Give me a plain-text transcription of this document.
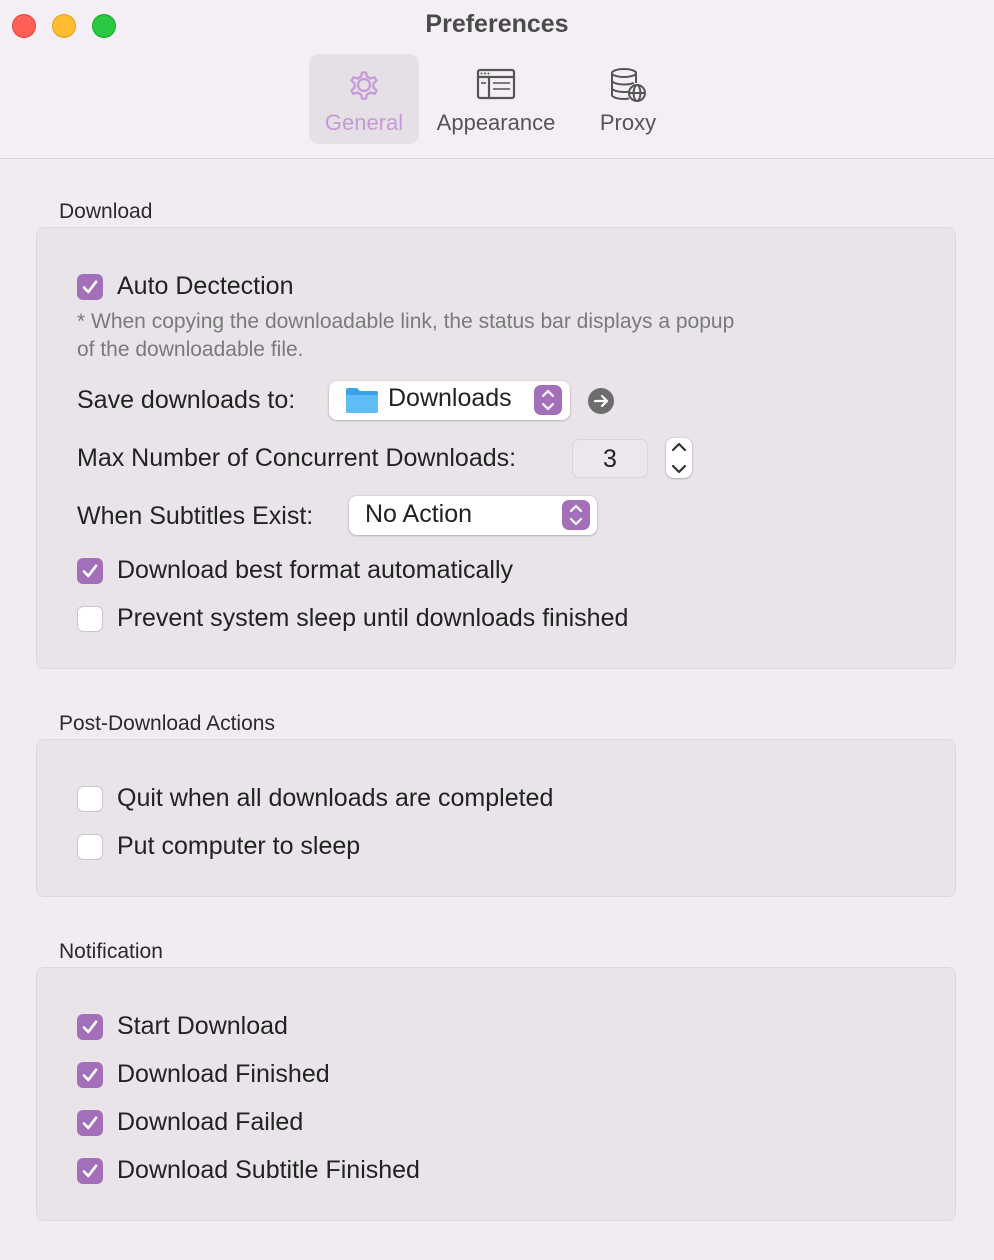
Preferences
General	Appearance	Proxy
Download
Auto Dectection
* When copying the downloadable link, the status bar displays a popup
of the downloadable file.
Save downloads to:	Downloads
Max Number of Concurrent Downloads:	3
When Subtitles Exist: No Action
Download best format automatically
Prevent system sleep until downloads finished
Post-Download Actions
Quit when all downloads are completed
Put computer to sleep
Notification
Start Download
Download Finished
Download Failed
Download Subtitle Finished
